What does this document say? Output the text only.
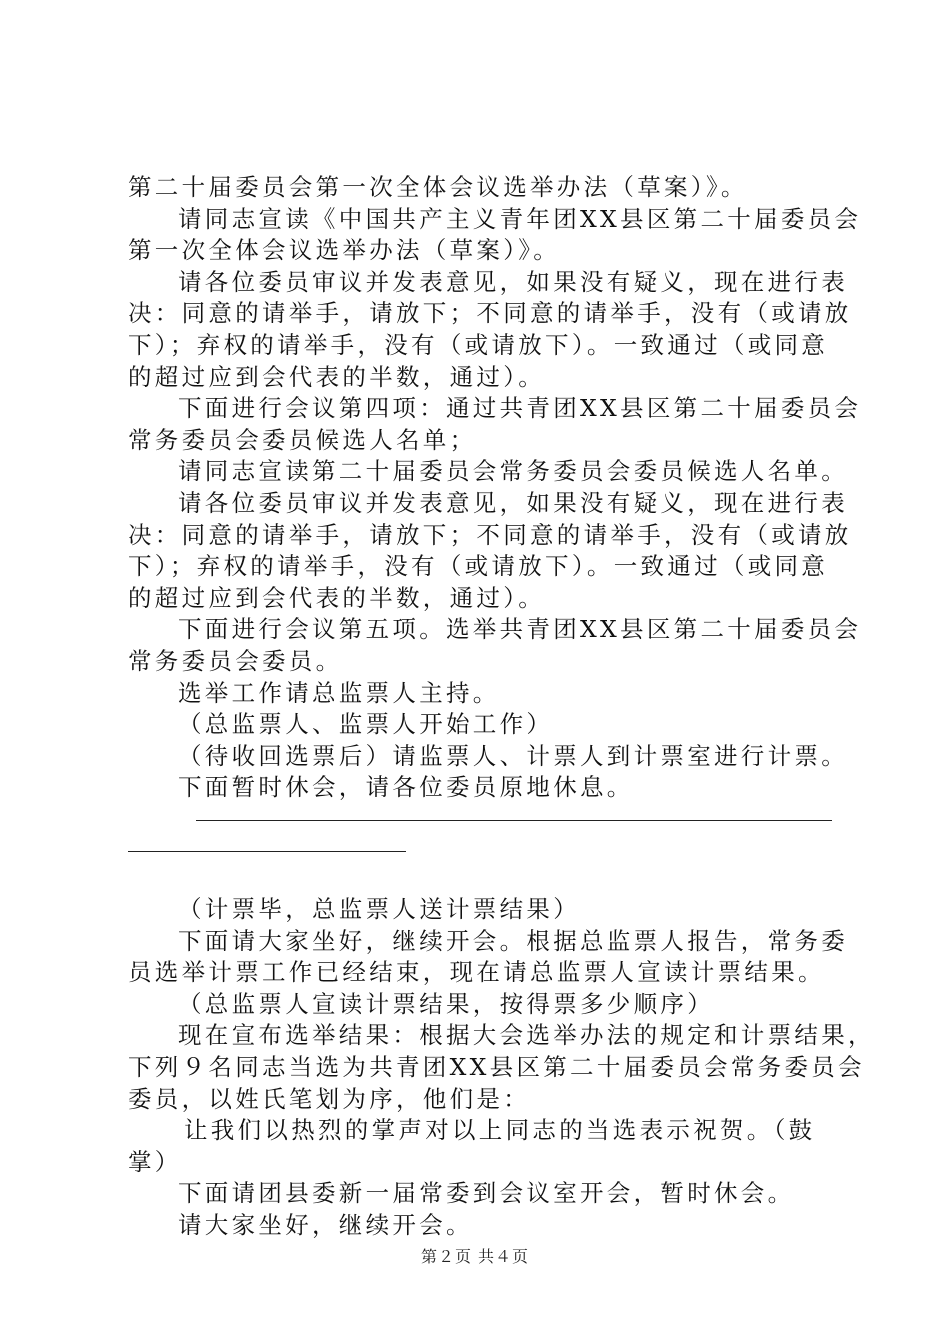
第二十届委员会第一次全体会议选举办法（草案）》。
请同志宣读《中国共产主义青年团XX县区第二十届委员会
第一次全体会议选举办法（草案）》。
请各位委员审议并发表意见，如果没有疑义，现在进行表
决：同意的请举手，请放下；不同意的请举手，没有（或请放
下）；弃权的请举手，没有（或请放下）。一致通过（或同意
的超过应到会代表的半数，通过）。
下面进行会议第四项：通过共青团XX县区第二十届委员会
常务委员会委员候选人名单；
请同志宣读第二十届委员会常务委员会委员候选人名单。
请各位委员审议并发表意见，如果没有疑义，现在进行表
决：同意的请举手，请放下；不同意的请举手，没有（或请放
下）；弃权的请举手，没有（或请放下）。一致通过（或同意
的超过应到会代表的半数，通过）。
下面进行会议第五项。选举共青团XX县区第二十届委员会
常务委员会委员。
选举工作请总监票人主持。
（总监票人、监票人开始工作）
（待收回选票后）请监票人、计票人到计票室进行计票。
下面暂时休会，请各位委员原地休息。
（计票毕，总监票人送计票结果）
下面请大家坐好，继续开会。根据总监票人报告，常务委
员选举计票工作已经结束，现在请总监票人宣读计票结果。
（总监票人宣读计票结果，按得票多少顺序）
现在宣布选举结果：根据大会选举办法的规定和计票结果，
下列９名同志当选为共青团XX县区第二十届委员会常务委员会
委员，以姓氏笔划为序，他们是：
让我们以热烈的掌声对以上同志的当选表示祝贺。（鼓
掌）
下面请团县委新一届常委到会议室开会，暂时休会。
请大家坐好，继续开会。
第２页 共４页
